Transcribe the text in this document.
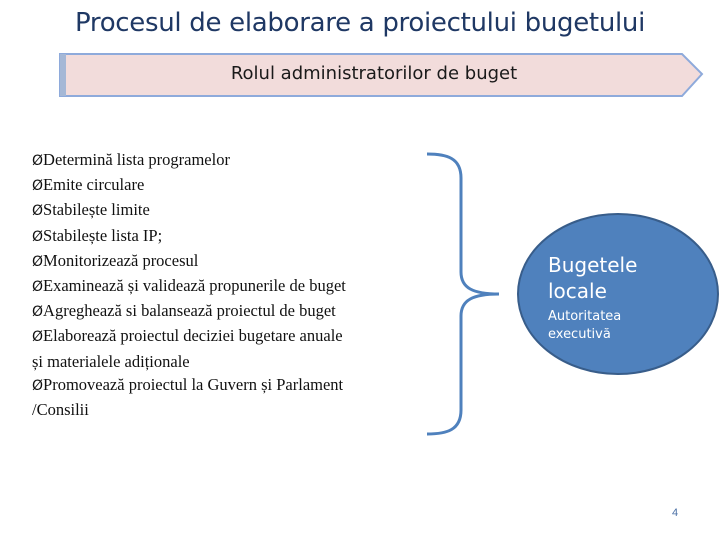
Procesul de elaborare a proiectului bugetului
Rolul administratorilor de buget
ØDetermină lista programelor
ØEmite circulare
ØStabilește limite
ØStabilește lista IP;
ØMonitorizează procesul
ØExaminează și validează propunerile de buget
ØAgreghează si balansează proiectul de buget
ØElaborează proiectul deciziei bugetare anuale
și materialele adiționale
ØPromovează proiectul la Guvern și Parlament
/Consilii
Bugetele
locale
Autoritatea
executivă
4
